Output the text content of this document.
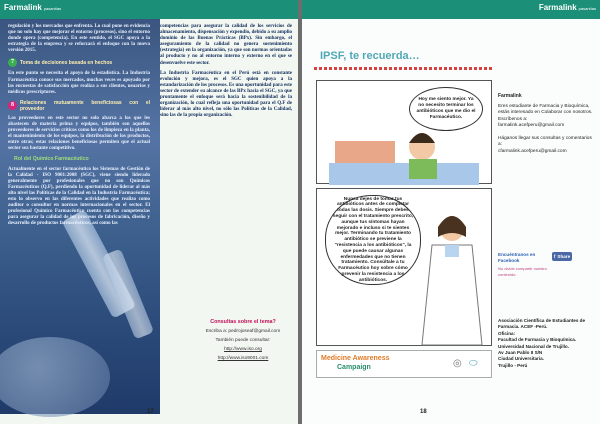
Farmalink pasantías

regulación y los mercados que enfrenta. Lo cual pone en evidencia que no solo hay que mejorar el entorno (procesos), sino el entorno donde opera (competencia). En este sentido, el SGC apoya a la estrategia de la empresa y se reforzará el enfoque con la nueva versión 2015.

7	Toma de decisiones basada en hechos

En este punto se necesita el apoyo de la estadística. La Industria Farmacéutica conoce sus mercados, muchas veces es apoyado por las encuestas de satisfacción que realiza a sus clientes, usuarios y médicos prescriptores.

8	Relaciones mutuamente beneficiosas con el proveedor

Los proveedores en este sector no solo abarca a los que les abastecen de materia prima y equipos, también son aquellos proveedores de servicios críticos como los de limpieza en la planta, el mantenimiento de los equipos, la distribución de los productos, entre otras; estas relaciones beneficiosas permiten que el actual sector sea bastante competitivo.

Rol del Químico Farmacéutico

Actualmente en el sector farmacéutico los Sistemas de Gestión de la Calidad - ISO 9001:2008 (SGC), viene siendo liderado generalmente por profesionales que no son Químicos Farmacéuticos (Q.F), perdiendo la oportunidad de liderar al más alto nivel las Políticas de la Calidad en la Industria Farmacéutica; esto lo observo en las diferentes actividades que realizo como auditor o consultor en normas internacionales en el sector. El profesional Químico Farmacéutico cuenta con las competencias para asegurar la calidad de los procesos de fabricación, diseño y desarrollo de productos farmacéuticos, así como las

competencias para asegurar la calidad de los servicios de almacenamiento, dispensación y expendio, debido a su amplio dominio de las Buenas Prácticas (BPx). Sin embargo, el aseguramiento de la calidad no genera sostenimiento (estrategia) en la organización, ya que son normas orientadas al producto y no al entorno interno y externo en el que se desenvuelve este sector.

La Industria Farmacéutica en el Perú está en constante evolución y mejora, es el SGC quien apoya a la estandarización de los procesos. Es una oportunidad para este sector de extender su alcance de las BPx hacia el SGC, ya que prontamente el enfoque será hacia la sostenibilidad de la organización, lo cual refleja una oportunidad para el Q.F de liderar al más alto nivel, no sólo las Políticas de la Calidad, sino las de la propia organización.

Consultas sobre el tema?
Escriba a: pedrojoseaf@gmail.com
También puede consultar:
http://www.iso.org
http://www.iso9001.com
17
Farmalink pasantías
IPSF, te recuerda…
Hoy me siento mejor. Ya no necesito terminar los antibióticos que me dio el Farmacéutico.
Nunca dejes de tomar tus antibióticos antes de completar todas las dosis. Siempre debes seguir con el tratamiento prescrito, aunque tus síntomas hayan mejorado e incluso si te sientes mejor. Terminando tu tratamiento antibiótico se previene la "resistencia a los antibióticos", la que puede causar algunas enfermedades que no tienen tratamiento. Consúltale a tu Farmacéutico hoy sobre cómo prevenir la resistencia a los antibióticos.
Medicine Awareness
Campaign	◎ ⬭
Farmalink
Eres estudiante de Farmacia y Bioquímica, estás interesado en Colaborar con nosotros. Escríbenos a:
farmalink.acefperu@gmail.com
Háganos llegar sus consultas y comentarios a:
cfarmalink.acefperu@gmail.com
Encuéntranos en Facebook
No olvide compartir nuestro contenido.
f Share
Asociación Científica de Estudiantes de Farmacia. ACEF -Perú.
Oficina:
Facultad de Farmacia y Bioquímica. Universidad Nacional de Trujillo.
Av Juan Pablo II S/N
Ciudad Universitaria.
Trujillo - Perú
18
